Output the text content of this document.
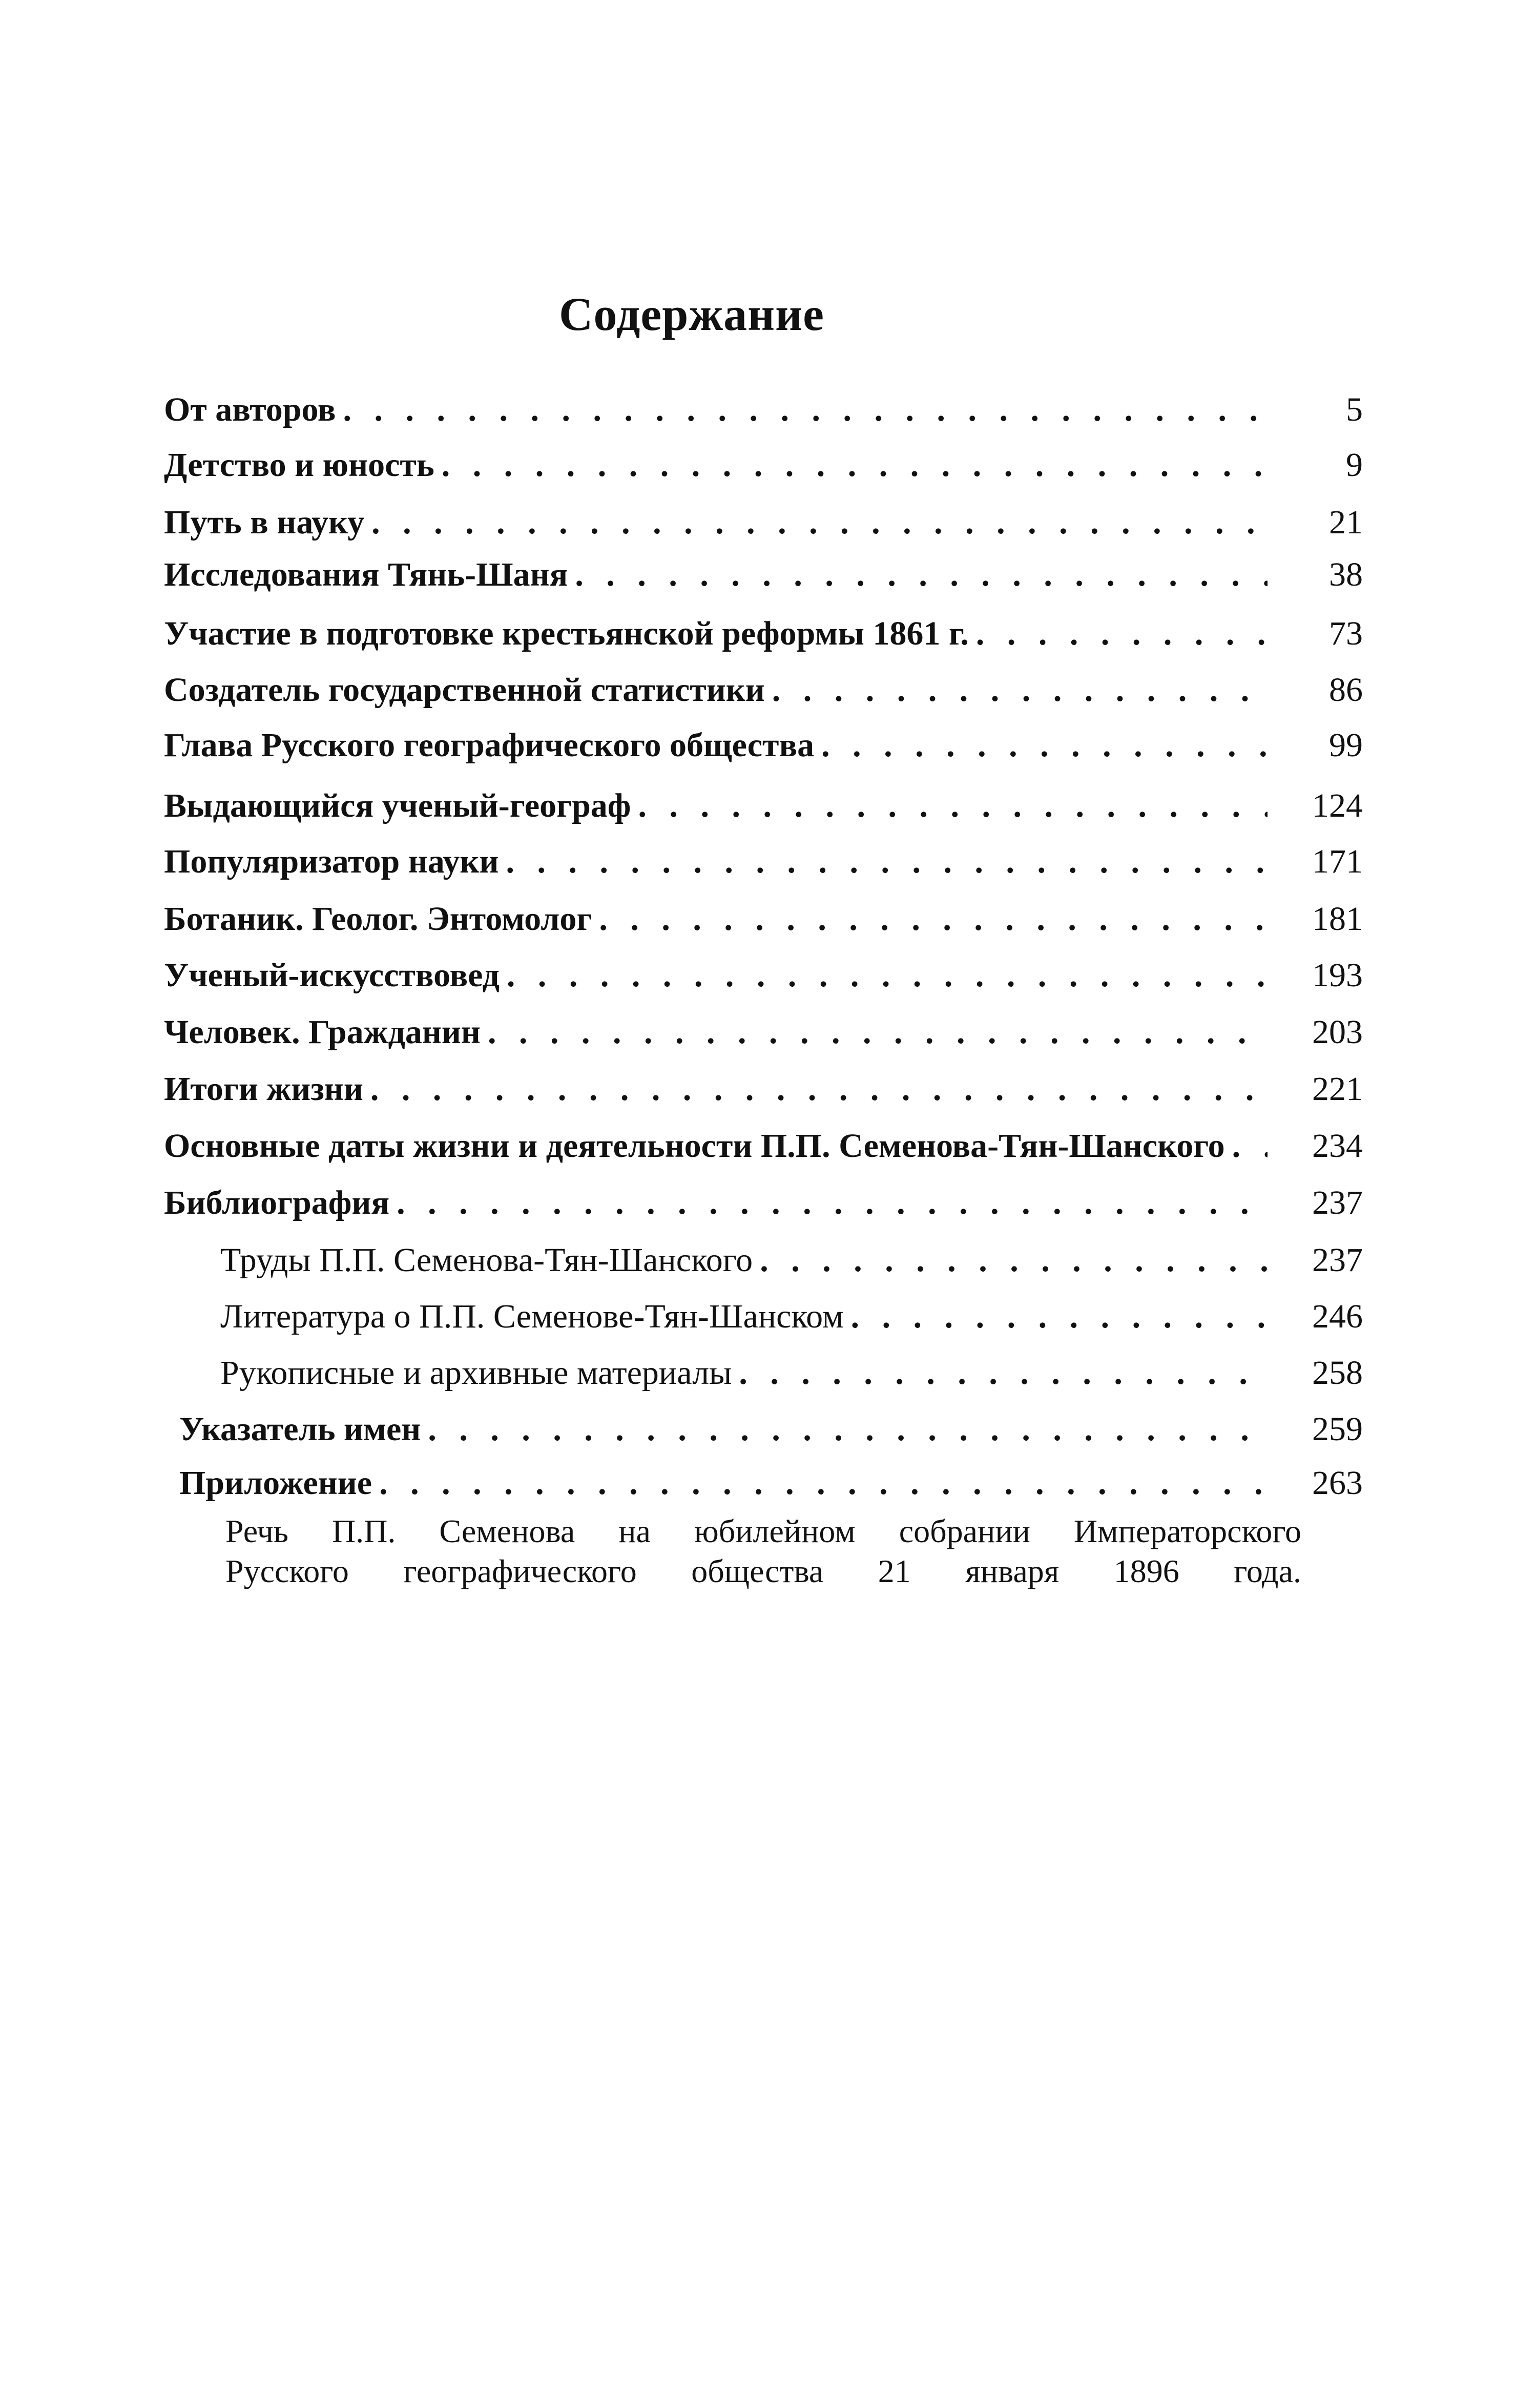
Содержание
От авторов . . .	5
Детство и юность . . .	9
Путь в науку . . .	21
Исследования Тянь-Шаня . . .	38
Участие в подготовке крестьянской реформы 1861 г. . . .	73
Создатель государственной статистики . . .	86
Глава Русского географического общества . . .	99
Выдающийся ученый-географ . . .	124
Популяризатор науки . . .	171
Ботаник. Геолог. Энтомолог . . .	181
Ученый-искусствовед . . .	193
Человек. Гражданин . . .	203
Итоги жизни . . .	221
Основные даты жизни и деятельности П.П. Семенова-Тян-Шанского . . .	234
Библиография . . .	237
Труды П.П. Семенова-Тян-Шанского . . .	237
Литература о П.П. Семенове-Тян-Шанском . . .	246
Рукописные и архивные материалы . . .	258
Указатель имен . . .	259
Приложение . . .	263
Речь П.П. Семенова на юбилейном собрании Императорского
Русского географического общества 21 января 1896 года.
